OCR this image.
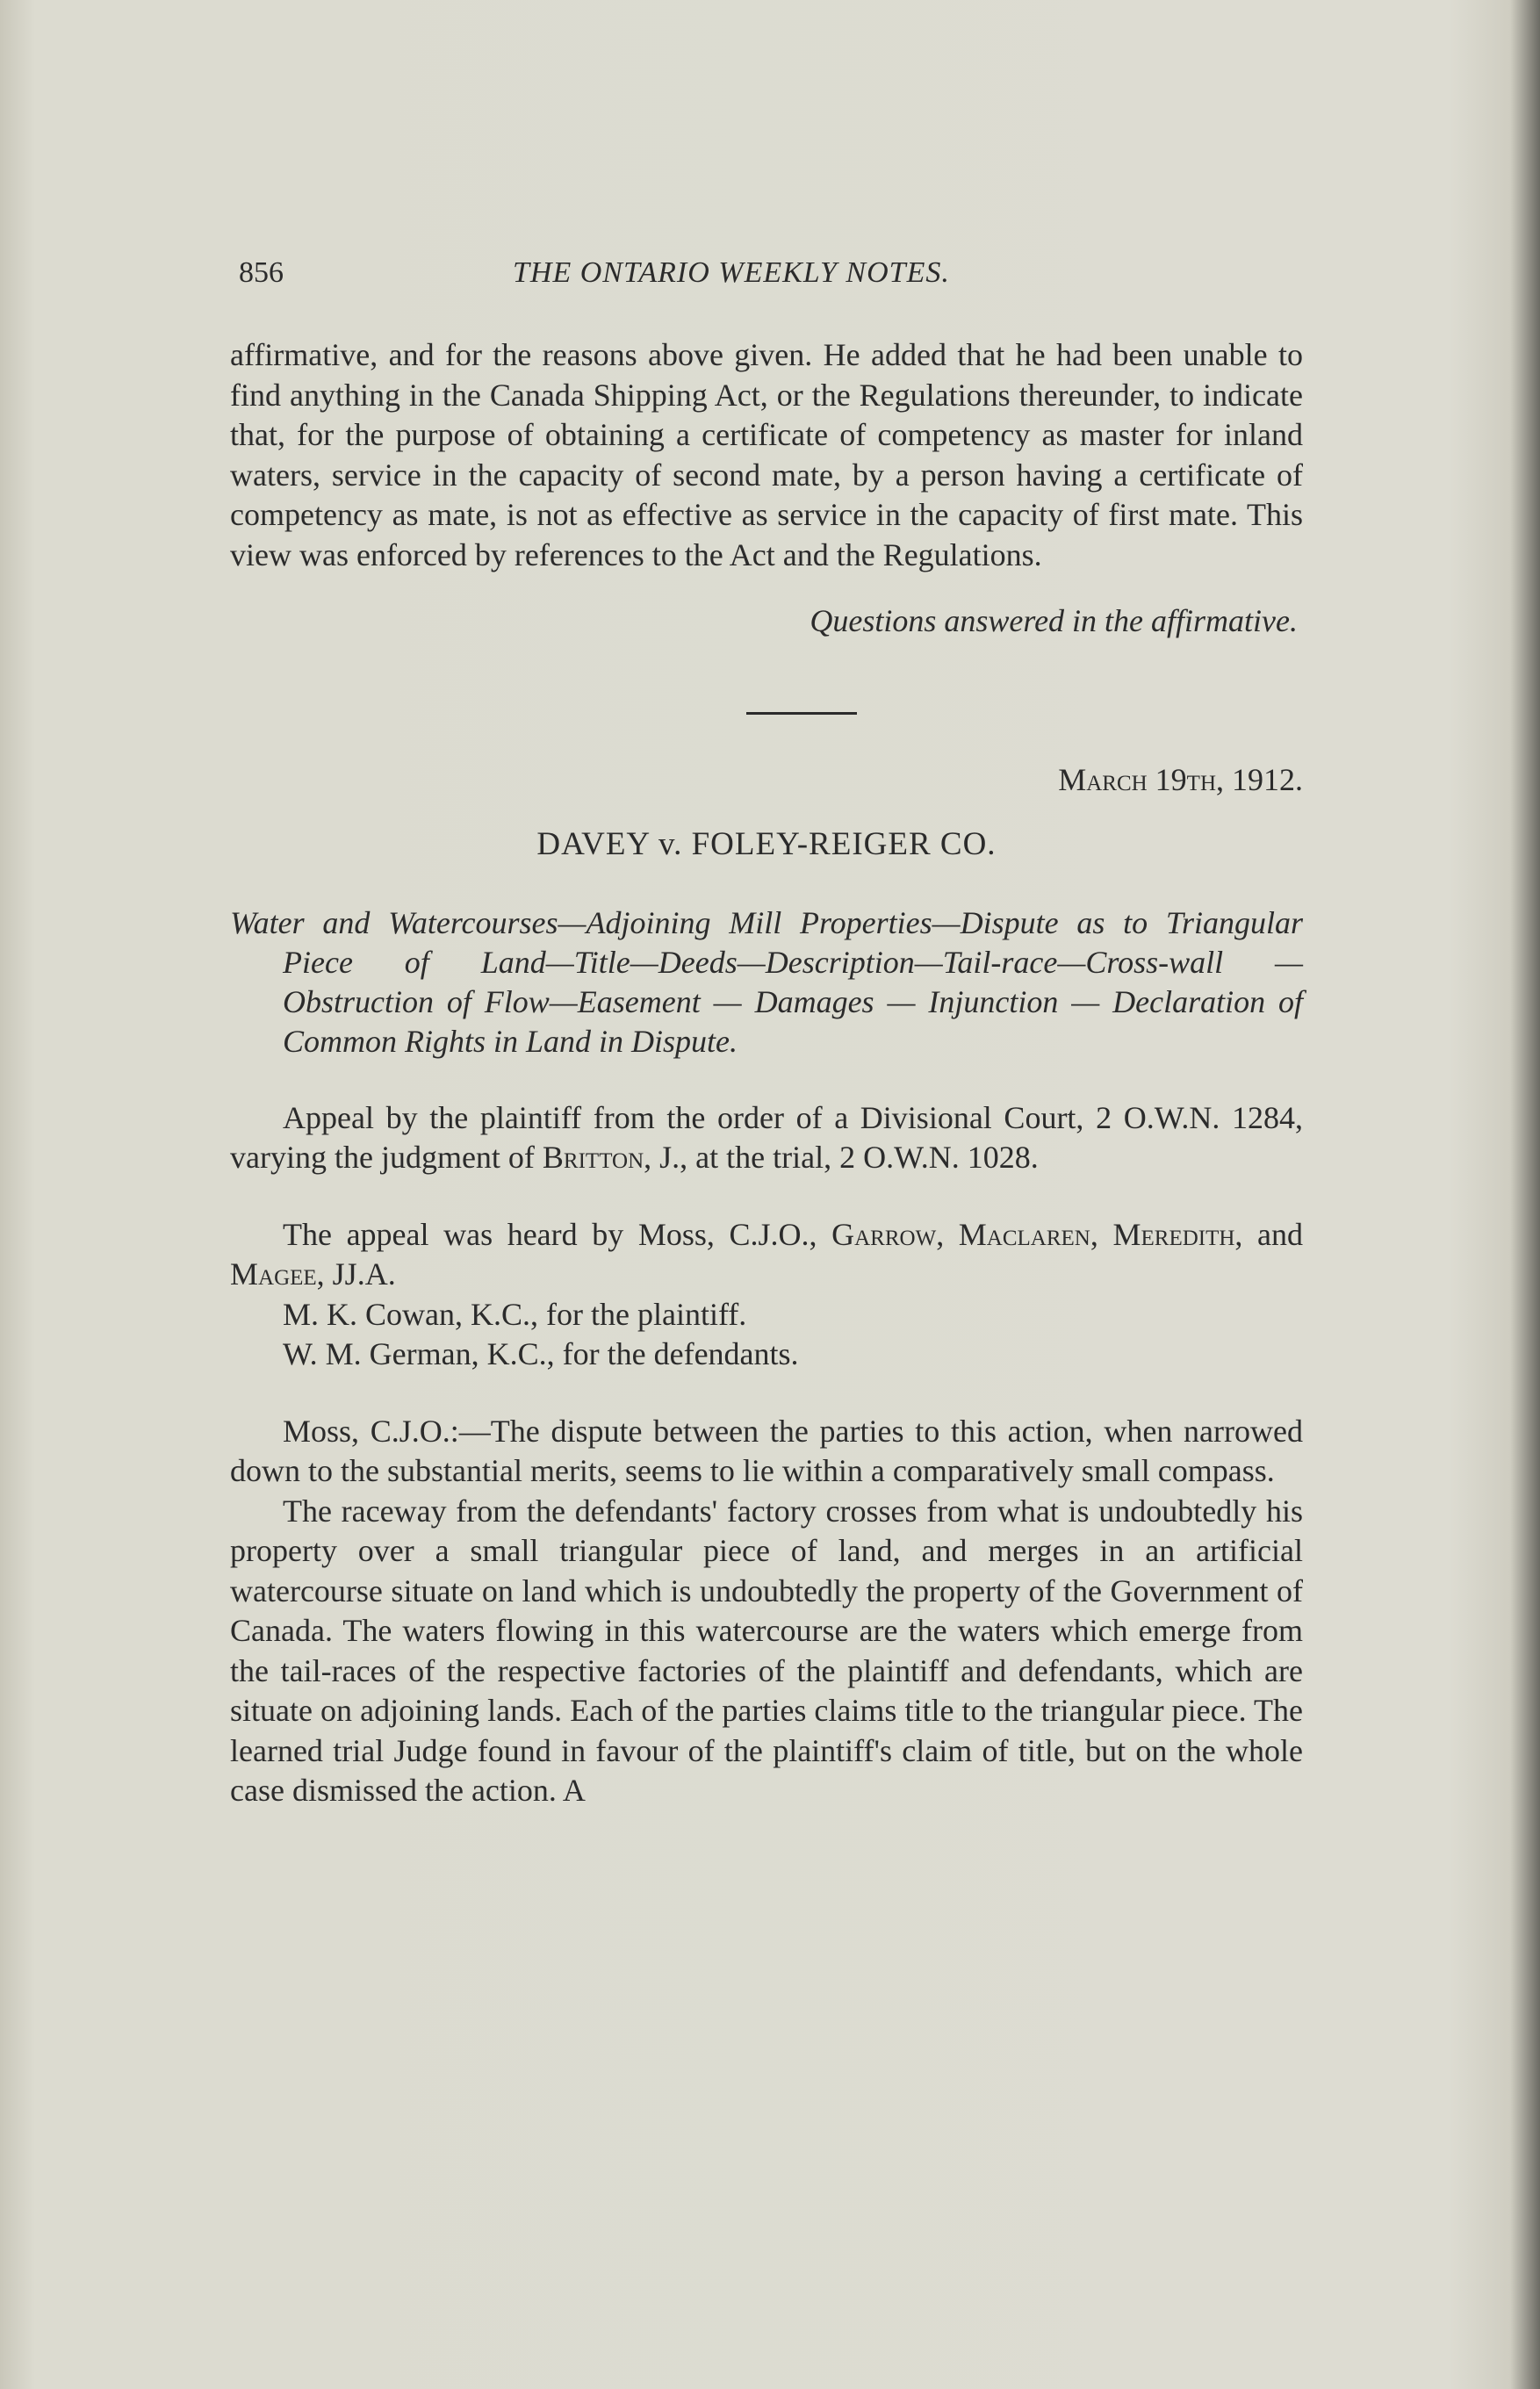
856	THE ONTARIO WEEKLY NOTES.

affirmative, and for the reasons above given. He added that he had been unable to find anything in the Canada Shipping Act, or the Regulations thereunder, to indicate that, for the purpose of obtaining a certificate of competency as master for inland waters, service in the capacity of second mate, by a person having a certificate of competency as mate, is not as effective as service in the capacity of first mate. This view was enforced by references to the Act and the Regulations.

Questions answered in the affirmative.

March 19th, 1912.

DAVEY v. FOLEY-REIGER CO.

Water and Watercourses—Adjoining Mill Properties—Dispute as to Triangular Piece of Land—Title—Deeds—Description—Tail-race—Cross-wall — Obstruction of Flow—Easement — Damages — Injunction — Declaration of Common Rights in Land in Dispute.

Appeal by the plaintiff from the order of a Divisional Court, 2 O.W.N. 1284, varying the judgment of Britton, J., at the trial, 2 O.W.N. 1028.

The appeal was heard by Moss, C.J.O., Garrow, Maclaren, Meredith, and Magee, JJ.A.

M. K. Cowan, K.C., for the plaintiff.

W. M. German, K.C., for the defendants.

Moss, C.J.O.:—The dispute between the parties to this action, when narrowed down to the substantial merits, seems to lie within a comparatively small compass.

The raceway from the defendants' factory crosses from what is undoubtedly his property over a small triangular piece of land, and merges in an artificial watercourse situate on land which is undoubtedly the property of the Government of Canada. The waters flowing in this watercourse are the waters which emerge from the tail-races of the respective factories of the plaintiff and defendants, which are situate on adjoining lands. Each of the parties claims title to the triangular piece. The learned trial Judge found in favour of the plaintiff's claim of title, but on the whole case dismissed the action. A
